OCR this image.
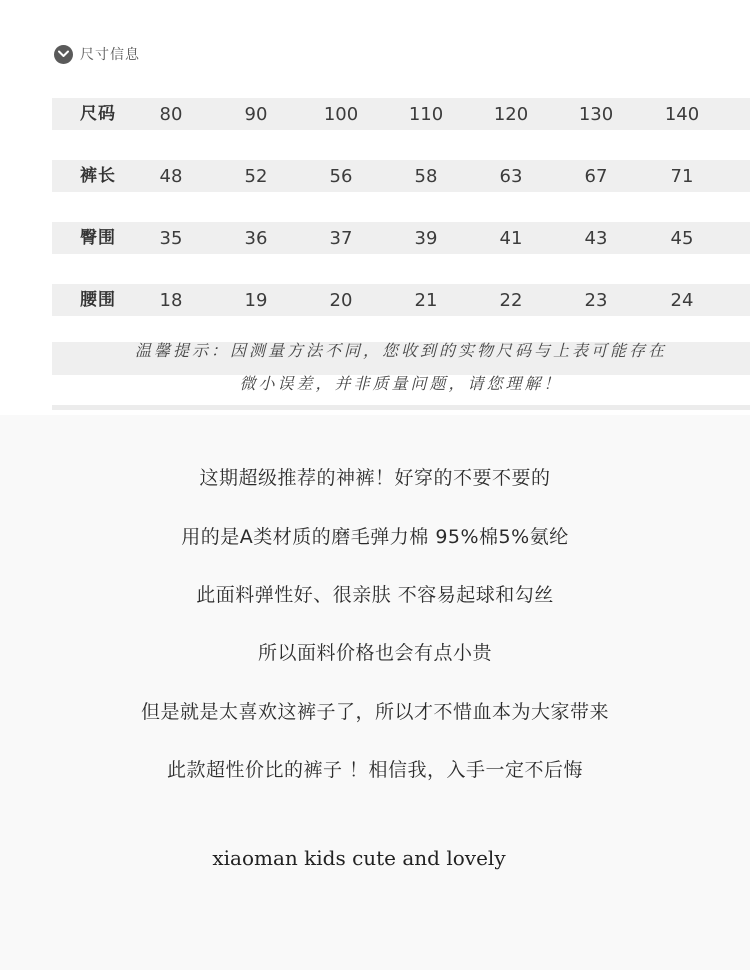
尺寸信息
尺码	80	90	100	110	120	130	140
裤长	48	52	56	58	63	67	71
臀围	35	36	37	39	41	43	45
腰围	18	19	20	21	22	23	24
温馨提示：因测量方法不同，您收到的实物尺码与上表可能存在
微小误差，并非质量问题，请您理解！
这期超级推荐的神裤！好穿的不要不要的
用的是A类材质的磨毛弹力棉 95%棉5%氨纶
此面料弹性好、很亲肤 不容易起球和勾丝
所以面料价格也会有点小贵
但是就是太喜欢这裤子了，所以才不惜血本为大家带来
此款超性价比的裤子 ！相信我，入手一定不后悔
xiaoman kids cute and lovely
